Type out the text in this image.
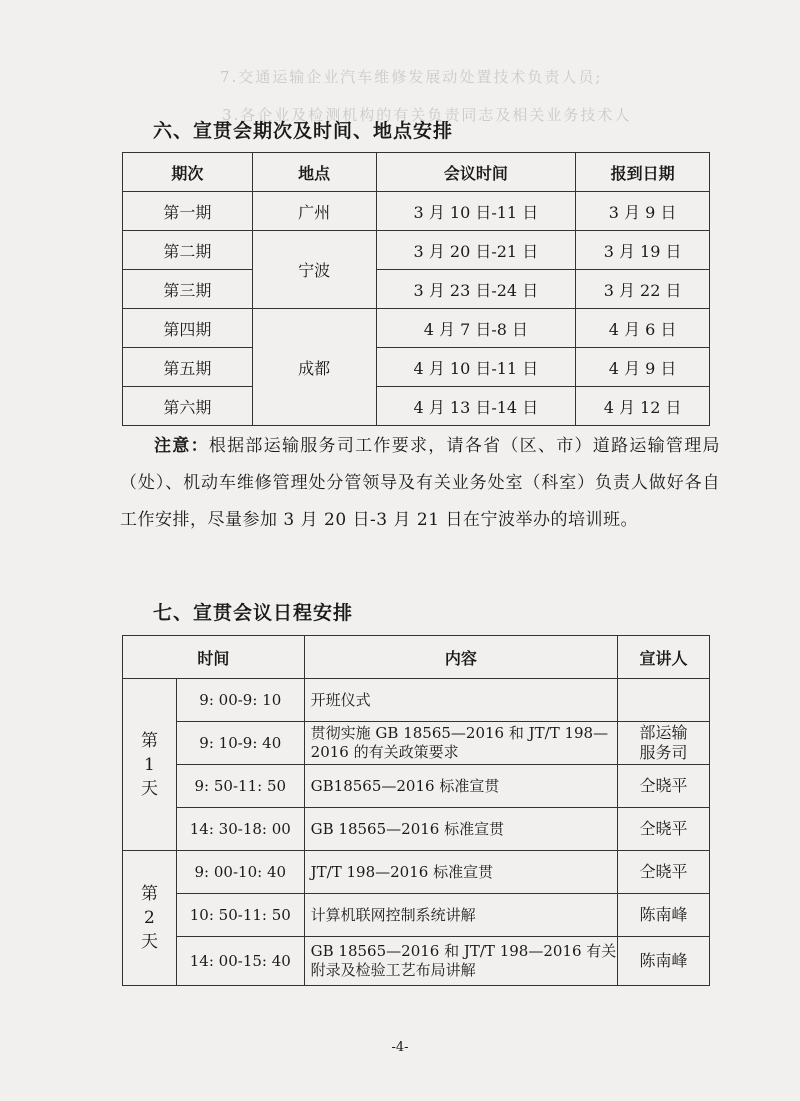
7.交通运输企业汽车维修发展动处置技术负责人员;
3.各企业及检测机构的有关负责同志及相关业务技术人
六、宣贯会期次及时间、地点安排
期次	地点	会议时间	报到日期
第一期	广州	3 月 10 日-11 日	3 月 9 日
第二期	宁波	3 月 20 日-21 日	3 月 19 日
第三期		3 月 23 日-24 日	3 月 22 日
第四期	成都	4 月 7 日-8 日	4 月 6 日
第五期		4 月 10 日-11 日	4 月 9 日
第六期		4 月 13 日-14 日	4 月 12 日
注意：根据部运输服务司工作要求，请各省（区、市）道路运输管理局（处）、机动车维修管理处分管领导及有关业务处室（科室）负责人做好各自工作安排，尽量参加 3 月 20 日-3 月 21 日在宁波举办的培训班。
七、宣贯会议日程安排
时间		内容	宣讲人

第 1 天	9: 00-9: 10	开班仪式	
	9: 10-9: 40	贯彻实施 GB 18565—2016 和 JT/T 198—2016 的有关政策要求	部运输服务司

	9: 50-11: 50	GB18565—2016 标准宣贯	仝晓平
	14: 30-18: 00	GB 18565—2016 标准宣贯	仝晓平

第 2 天	9: 00-10: 40	JT/T 198—2016 标准宣贯	仝晓平
	10: 50-11: 50	计算机联网控制系统讲解	陈南峰
	14: 00-15: 40	GB 18565—2016 和 JT/T 198—2016 有关附录及检验工艺布局讲解	陈南峰
-4-
